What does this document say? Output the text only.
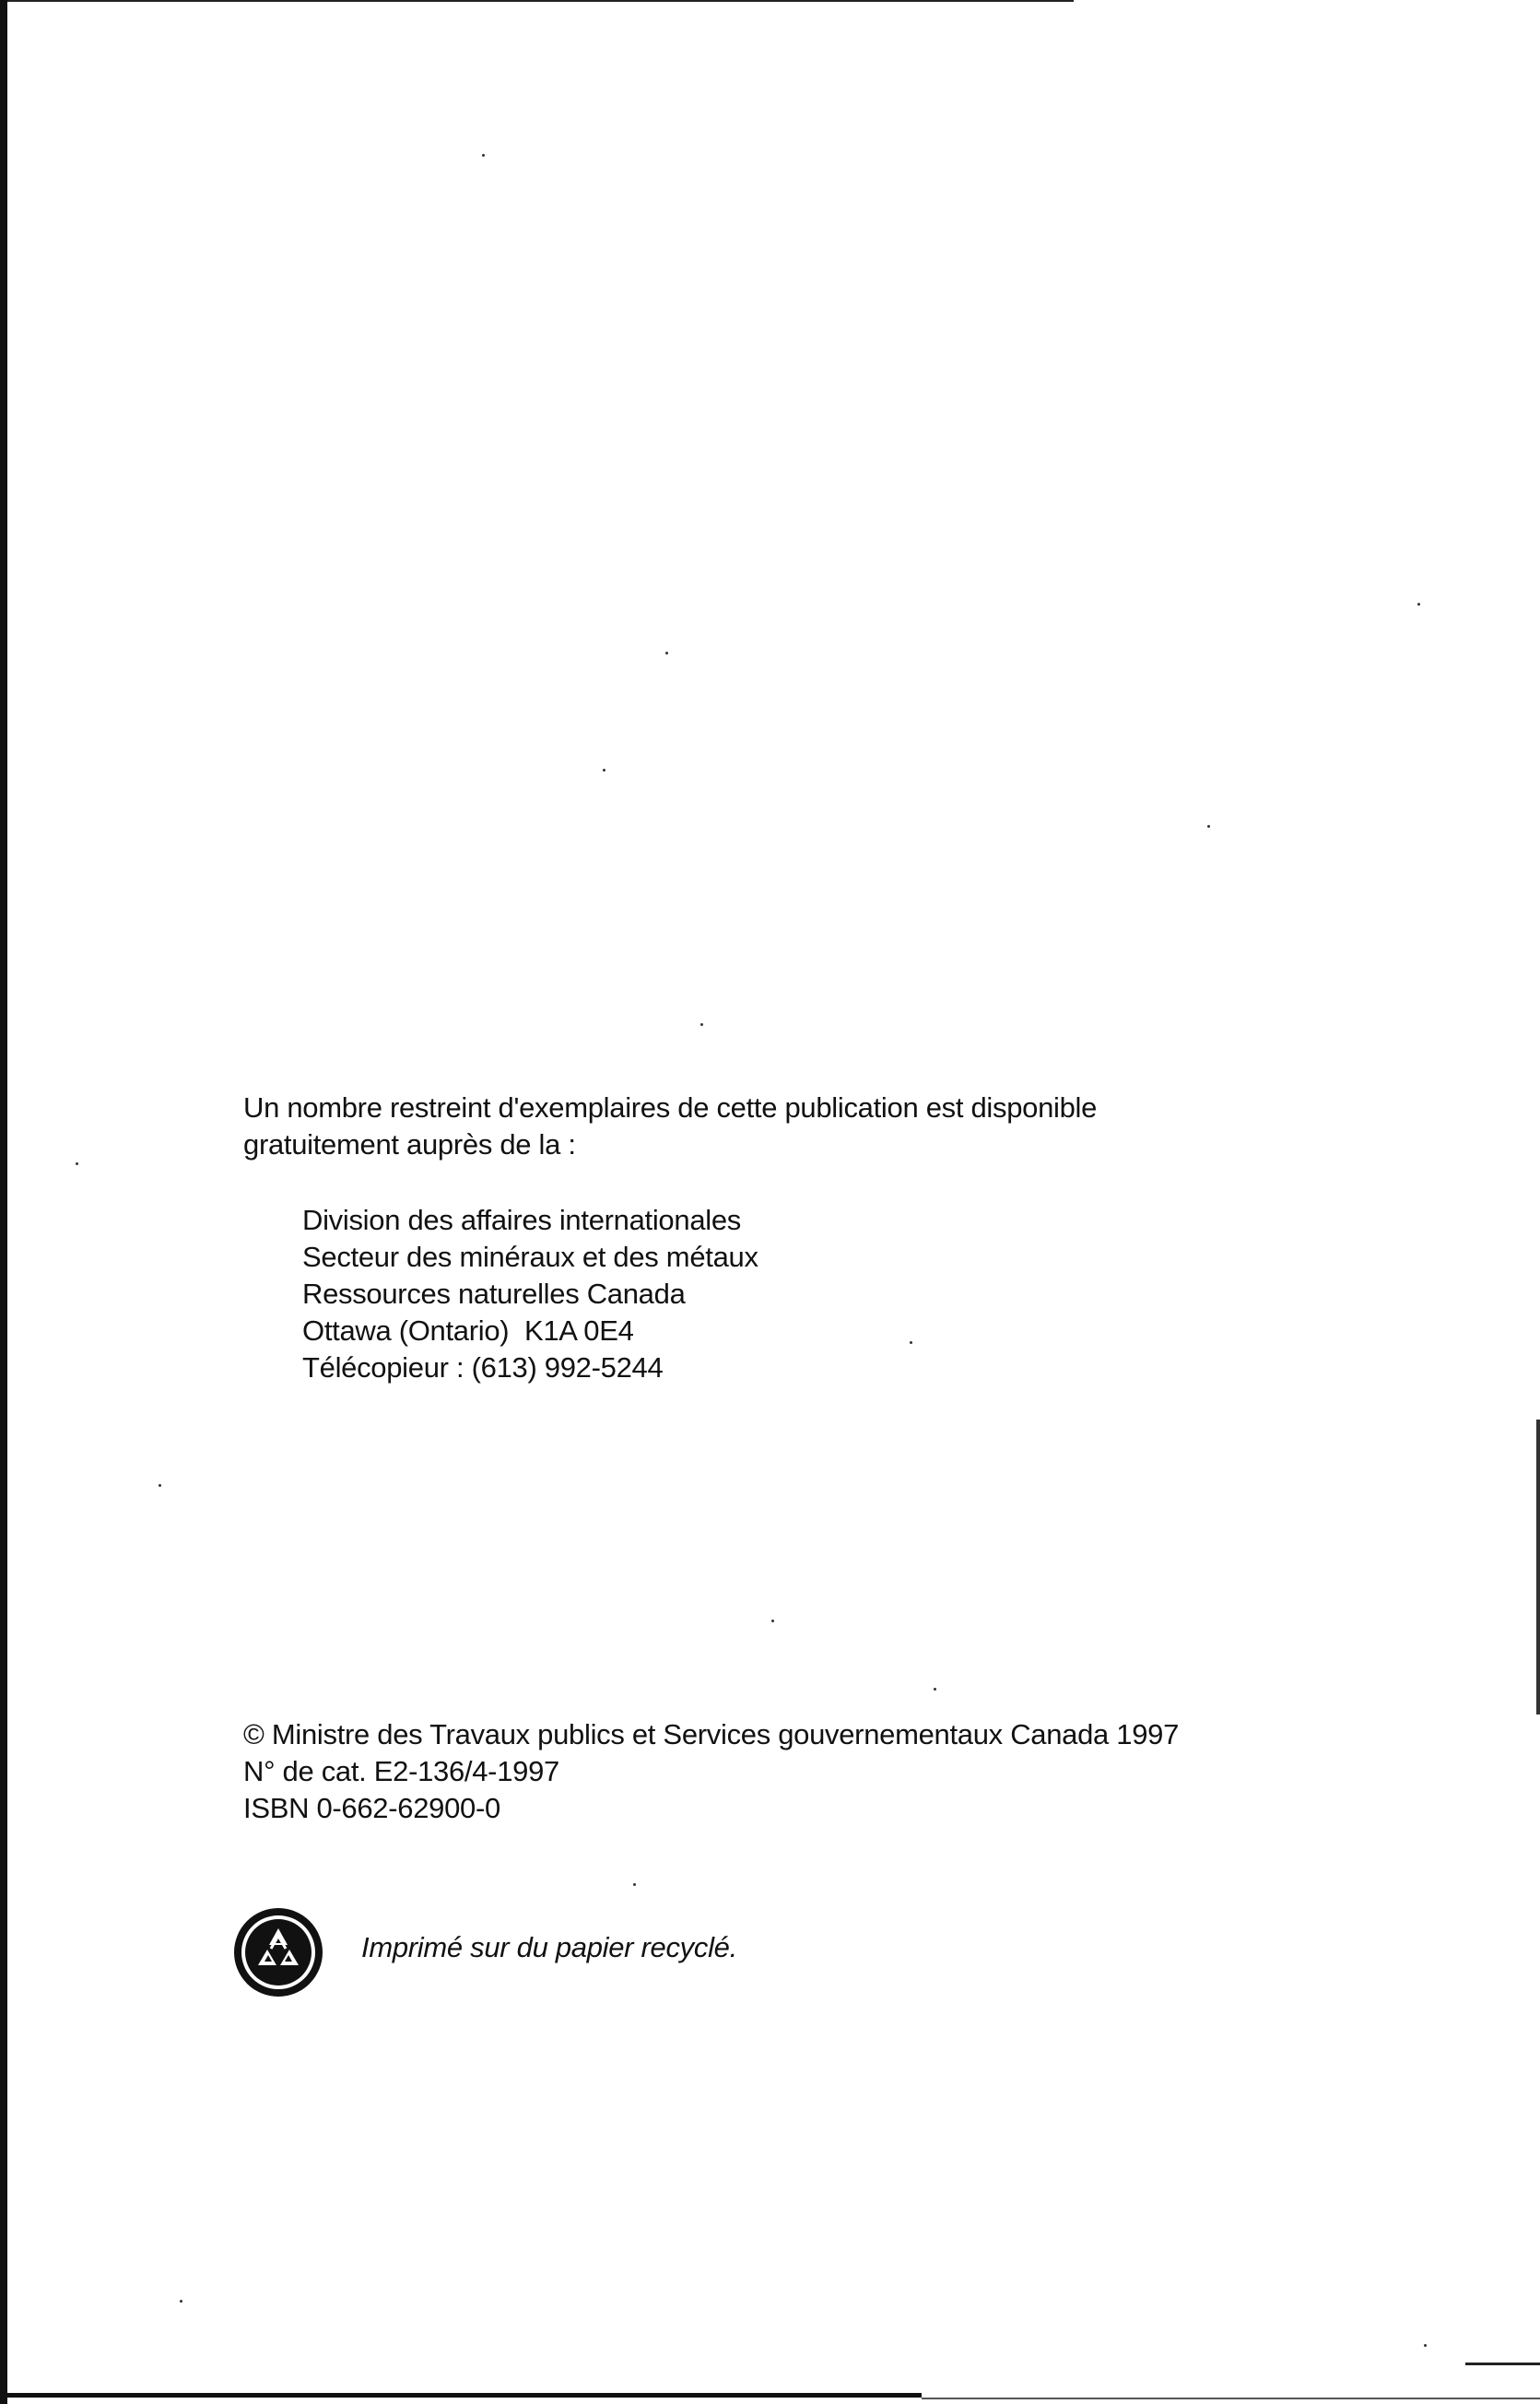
Un nombre restreint d'exemplaires de cette publication est disponible
gratuitement auprès de la :
Division des affaires internationales
Secteur des minéraux et des métaux
Ressources naturelles Canada
Ottawa (Ontario)  K1A 0E4
Télécopieur : (613) 992-5244
© Ministre des Travaux publics et Services gouvernementaux Canada 1997
N° de cat. E2-136/4-1997
ISBN 0-662-62900-0
Imprimé sur du papier recyclé.
